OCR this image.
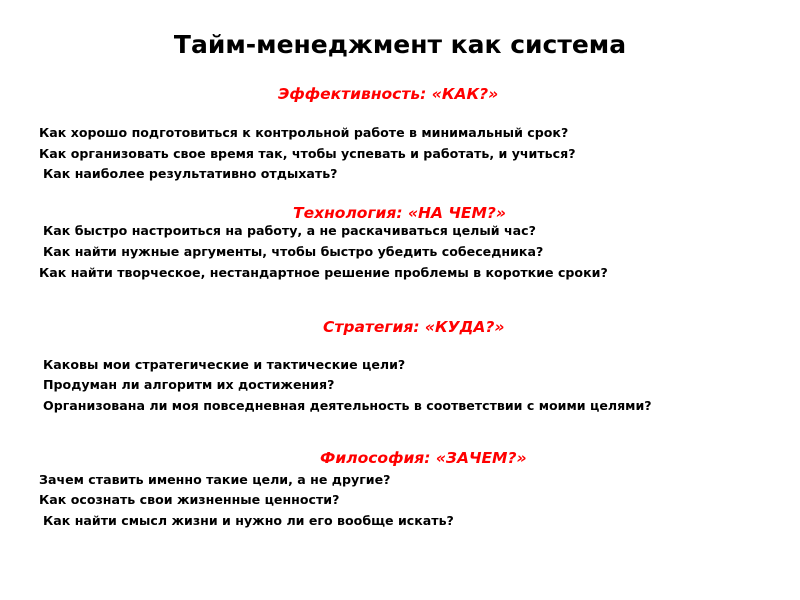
Тайм-менеджмент как система
Эффективность: «КАК?»
Как хорошо подготовиться к контрольной работе в минимальный срок?
Как организовать свое время так, чтобы успевать и работать, и учиться?
Как наиболее результативно отдыхать?
Технология: «НА ЧЕМ?»
Как быстро настроиться на работу, а не раскачиваться целый час?
Как найти нужные аргументы, чтобы быстро убедить собеседника?
Как найти творческое, нестандартное решение проблемы в короткие сроки?
Стратегия: «КУДА?»
Каковы мои стратегические и тактические цели?
Продуман ли алгоритм их достижения?
Организована ли моя повседневная деятельность в соответствии с моими целями?
Философия: «ЗАЧЕМ?»
Зачем ставить именно такие цели, а не другие?
Как осознать свои жизненные ценности?
Как найти смысл жизни и нужно ли его вообще искать?
